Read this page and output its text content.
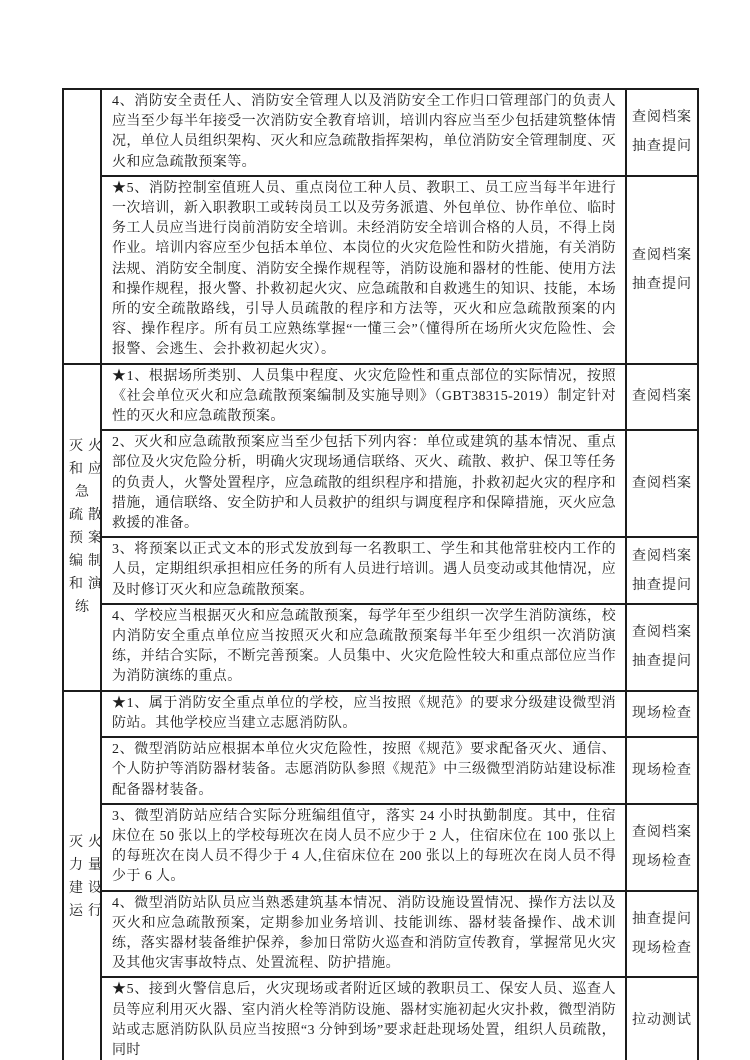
	4、消防安全责任人、消防安全管理人以及消防安全工作归口管理部门的负责人应当至少每半年接受一次消防安全教育培训，培训内容应当至少包括建筑整体情况，单位人员组织架构、灭火和应急疏散指挥架构，单位消防安全管理制度、灭火和应急疏散预案等。	查阅档案
抽查提问

	★5、消防控制室值班人员、重点岗位工种人员、教职工、员工应当每半年进行一次培训，新入职教职工或转岗员工以及劳务派遣、外包单位、协作单位、临时务工人员应当进行岗前消防安全培训。未经消防安全培训合格的人员，不得上岗作业。培训内容应至少包括本单位、本岗位的火灾危险性和防火措施，有关消防法规、消防安全制度、消防安全操作规程等，消防设施和器材的性能、使用方法和操作规程，报火警、扑救初起火灾、应急疏散和自救逃生的知识、技能，本场所的安全疏散路线，引导人员疏散的程序和方法等，灭火和应急疏散预案的内容、操作程序。所有员工应熟练掌握“一懂三会”（懂得所在场所火灾危险性、会报警、会逃生、会扑救初起火灾）。	查阅档案
抽查提问

灭火
和应
急
疏散
预案
编制
和演
练
	★1、根据场所类别、人员集中程度、火灾危险性和重点部位的实际情况，按照《社会单位灭火和应急疏散预案编制及实施导则》（GBT38315-2019）制定针对性的灭火和应急疏散预案。	
查阅档案

	2、灭火和应急疏散预案应当至少包括下列内容：单位或建筑的基本情况、重点部位及火灾危险分析，明确火灾现场通信联络、灭火、疏散、救护、保卫等任务的负责人，火警处置程序，应急疏散的组织程序和措施，扑救初起火灾的程序和措施，通信联络、安全防护和人员救护的组织与调度程序和保障措施，灭火应急救援的准备。	查阅档案

	3、将预案以正式文本的形式发放到每一名教职工、学生和其他常驻校内工作的人员，定期组织承担相应任务的所有人员进行培训。遇人员变动或其他情况，应及时修订灭火和应急疏散预案。	查阅档案
抽查提问

	4、学校应当根据灭火和应急疏散预案，每学年至少组织一次学生消防演练，校内消防安全重点单位应当按照灭火和应急疏散预案每半年至少组织一次消防演练，并结合实际，不断完善预案。人员集中、火灾危险性较大和重点部位应当作为消防演练的重点。	查阅档案
抽查提问

灭火
力量
建设
运行	★1、属于消防安全重点单位的学校，应当按照《规范》的要求分级建设微型消防站。其他学校应当建立志愿消防队。	现场检查

	2、微型消防站应根据本单位火灾危险性，按照《规范》要求配备灭火、通信、个人防护等消防器材装备。志愿消防队参照《规范》中三级微型消防站建设标准配备器材装备。	现场检查

	3、微型消防站应结合实际分班编组值守，落实 24 小时执勤制度。其中，住宿床位在 50 张以上的学校每班次在岗人员不应少于 2 人，住宿床位在 100 张以上的每班次在岗人员不得少于 4 人,住宿床位在 200 张以上的每班次在岗人员不得少于 6 人。	查阅档案
现场检查

	4、微型消防站队员应当熟悉建筑基本情况、消防设施设置情况、操作方法以及灭火和应急疏散预案，定期参加业务培训、技能训练、器材装备操作、战术训练，落实器材装备维护保养，参加日常防火巡查和消防宣传教育，掌握常见火灾及其他灾害事故特点、处置流程、防护措施。	抽查提问
现场检查

	★5、接到火警信息后，火灾现场或者附近区域的教职员工、保安人员、巡查人员等应利用灭火器、室内消火栓等消防设施、器材实施初起火灾扑救，微型消防站或志愿消防队队员应当按照“3 分钟到场”要求赶赴现场处置，组织人员疏散，同时	拉动测试
